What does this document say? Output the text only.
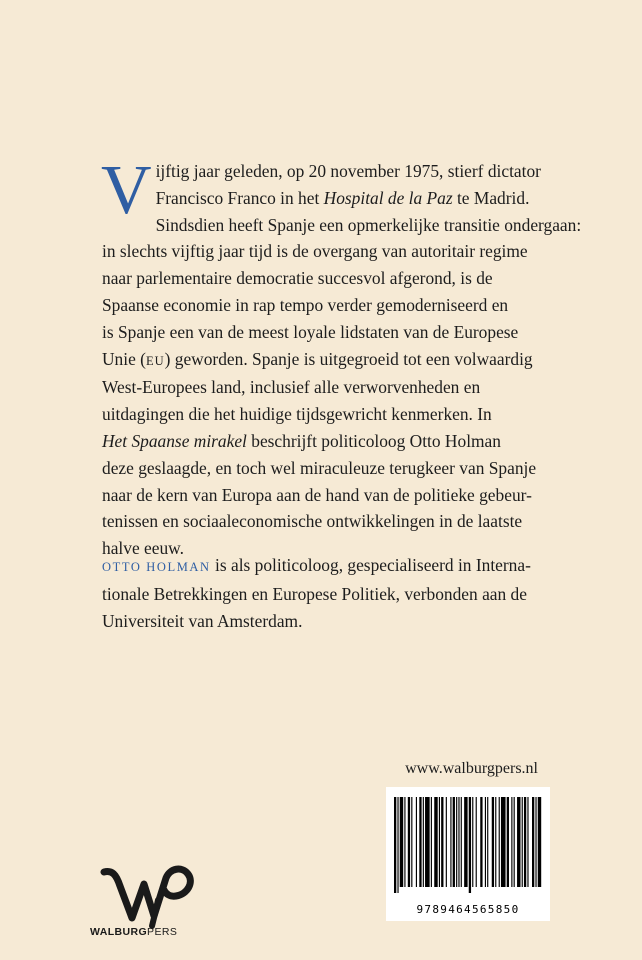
V ijftig jaar geleden, op 20 november 1975, stierf dictator
Francisco Franco in het Hospital de la Paz te Madrid.
Sindsdien heeft Spanje een opmerkelijke transitie ondergaan:
in slechts vijftig jaar tijd is de overgang van autoritair regime
naar parlementaire democratie succesvol afgerond, is de
Spaanse economie in rap tempo verder gemoderniseerd en
is Spanje een van de meest loyale lidstaten van de Europese
Unie (EU) geworden. Spanje is uitgegroeid tot een volwaardig
West-Europees land, inclusief alle verworvenheden en
uitdagingen die het huidige tijdsgewricht kenmerken. In
Het Spaanse mirakel beschrijft politicoloog Otto Holman
deze geslaagde, en toch wel miraculeuze terugkeer van Spanje
naar de kern van Europa aan de hand van de politieke gebeur-
tenissen en sociaaleconomische ontwikkelingen in de laatste
halve eeuw.
OTTO HOLMAN is als politicoloog, gespecialiseerd in Interna-
tionale Betrekkingen en Europese Politiek, verbonden aan de
Universiteit van Amsterdam.
www.walburgpers.nl
9789464565850
WALBURGPERS
